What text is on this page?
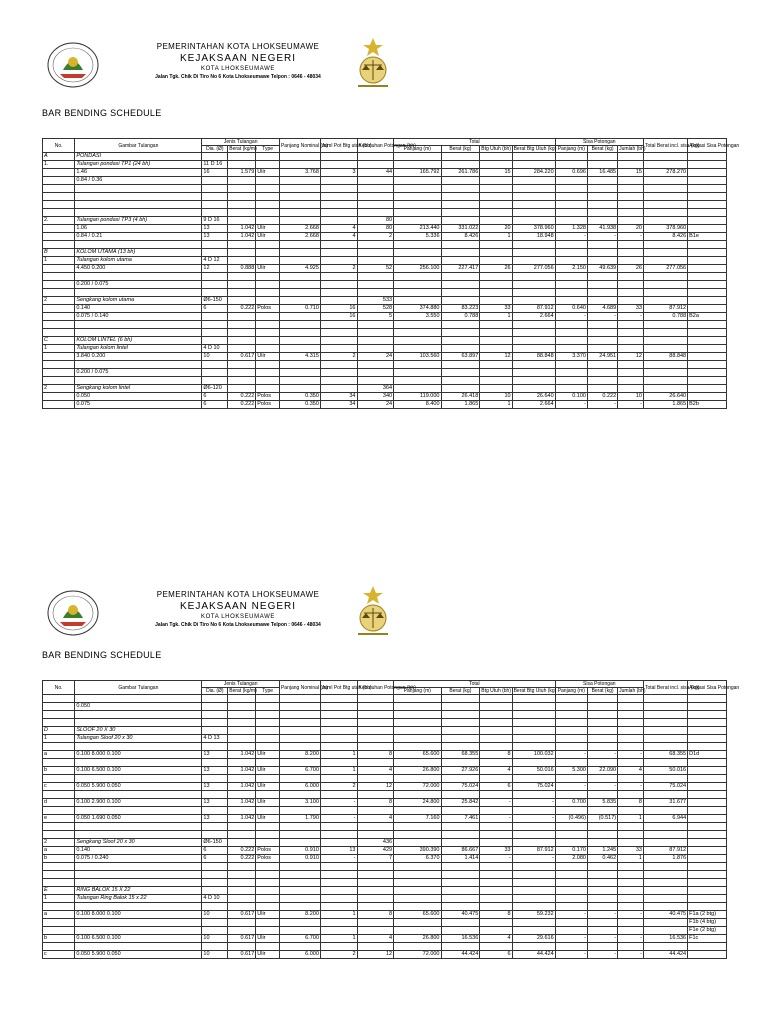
PEMERINTAHAN KOTA LHOKSEUMAWE
KEJAKSAAN NEGERI
KOTA LHOKSEUMAWE
Jalan Tgk. Chik Di Tiro No 6 Kota Lhokseumawe Telpon : 0646 - 48034
BAR BENDING SCHEDULE
No.	Gambar Tulangan	Jenis Tulangan			Panjang Nominal (m)	Juml Pot Btg utuh (bh)	Kebutuhan Potongan (bh)	Total				Sisa Potongan			Total Berat incl. sisa (kg)	Alokasi Sisa Potongan
		Dia. (Ø)	Berat (kg/m)	Type				Panjang (m)	Berat (kg)	Btg Utuh (bh)	Berat Btg Utuh (kg)	Panjang (m)	Berat (kg)	Jumlah (bh)		
A	PONDASI															
1.	Tulangan pondasi TP1 (24 bh)	11 D 16														
	1.46	16	1.579	Ulir	3.768	3	44	165.792	261.786	15	284.220	0.696	16.485	15	278.270	
	0.84 / 0.36															

2.	Tulangan pondasi TP3 (4 bh)	9 D 16					80									
	1.06	13	1.042	Ulir	2.668	4	80	213.440	331.022	20	378.960	1.328	41.938	20	378.960	
	0.84 / 0.21	13	1.042	Ulir	2.668	4	2	5.336	8.426	1	18.948	-	-	-	8.426	B1e

B	KOLOM UTAMA (13 bh)															
1	Tulangan kolom utama	4 D 12														
	4.450 0.200	12	0.888	Ulir	4.925	2	52	256.100	227.417	26	277.056	2.150	49.639	26	277.056	

	0.200 / 0.075															

2	Sengkang kolom utama	Ø6-150					533									
	0.140	6	0.222	Polos	0.710	16	528	374.880	83.223	33	87.912	0.640	4.689	33	87.912	
	0.075 / 0.140					16	5	3.550	0.788	1	2.664	-	-	-	0.788	B2a

C	KOLOM LINTEL (6 bh)															
1	Tulangan kolom lintel	4 D 10														
	3.840 0.200	10	0.617	Ulir	4.315	2	24	103.560	63.897	12	88.848	3.370	24.951	12	88.848	

	0.200 / 0.075															

2	Sengkang kolom lintel	Ø6-120					364									
	0.050	6	0.222	Polos	0.350	34	340	119.000	26.418	10	26.640	0.100	0.222	10	26.640	
	0.075	6	0.222	Polos	0.350	34	24	8.400	1.865	1	2.664	-	-	-	1.865	B2b
PEMERINTAHAN KOTA LHOKSEUMAWE
KEJAKSAAN NEGERI
KOTA LHOKSEUMAWE
Jalan Tgk. Chik Di Tiro No 6 Kota Lhokseumawe Telpon : 0646 - 48034
BAR BENDING SCHEDULE
No.	Gambar Tulangan	Jenis Tulangan			Panjang Nominal (m)	Juml Pot Btg utuh (bh)	Kebutuhan Potongan (bh)	Total				Sisa Potongan			Total Berat incl. sisa (kg)	Alokasi Sisa Potongan
		Dia. (Ø)	Berat (kg/m)	Type				Panjang (m)	Berat (kg)	Btg Utuh (bh)	Berat Btg Utuh (kg)	Panjang (m)	Berat (kg)	Jumlah (bh)		

	0.050															

D	SLOOF 20 X 30															
1	Tulangan Sloof 20 x 30	4 D 13														

a	0.100 8.000 0.100	13	1.042	Ulir	8.200	1	8	65.600	68.355	8	100.032	-	-	-	68.355	D1d

b	0.100 6.500 0.100	13	1.042	Ulir	6.700	1	4	26.800	27.926	4	50.016	5.300	22.090	4	50.016	

c	0.050 5.900 0.050	13	1.042	Ulir	6.000	2	12	72.000	75.024	6	75.024	-	-	-	75.024	

d	0.100 2.900 0.100	13	1.042	Ulir	3.100	-	8	24.800	25.842	-	-	0.700	5.835	8	31.677	

e	0.050 1.690 0.050	13	1.042	Ulir	1.790	-	4	7.160	7.461	-	-	(0.496)	(0.517)	1	6.944	

2	Sengkang Sloof 20 x 30	Ø6-150					436									
a	0.140	6	0.222	Polos	0.910	13	429	390.390	86.667	33	87.912	0.170	1.245	33	87.912	
b	0.075 / 0.240	6	0.222	Polos	0.910	-	7	6.370	1.414	-	-	2.080	0.462	1	1.876	

E	RING BALOK 15 X 22															
1	Tulangan Ring Balok 15 x 22	4 D 10														

a	0.100 8.000 0.100	10	0.617	Ulir	8.200	1	8	65.600	40.475	8	59.232	-	-	-	40.475	F1a (2 btg)
																F1b (4 btg)
																F1e (2 btg)
b	0.100 6.500 0.100	10	0.617	Ulir	6.700	1	4	26.800	16.536	4	29.616	-	-	-	16.536	F1c

c	0.050 5.900 0.050	10	0.617	Ulir	6.000	2	12	72.000	44.424	6	44.424	-	-	-	44.424	
